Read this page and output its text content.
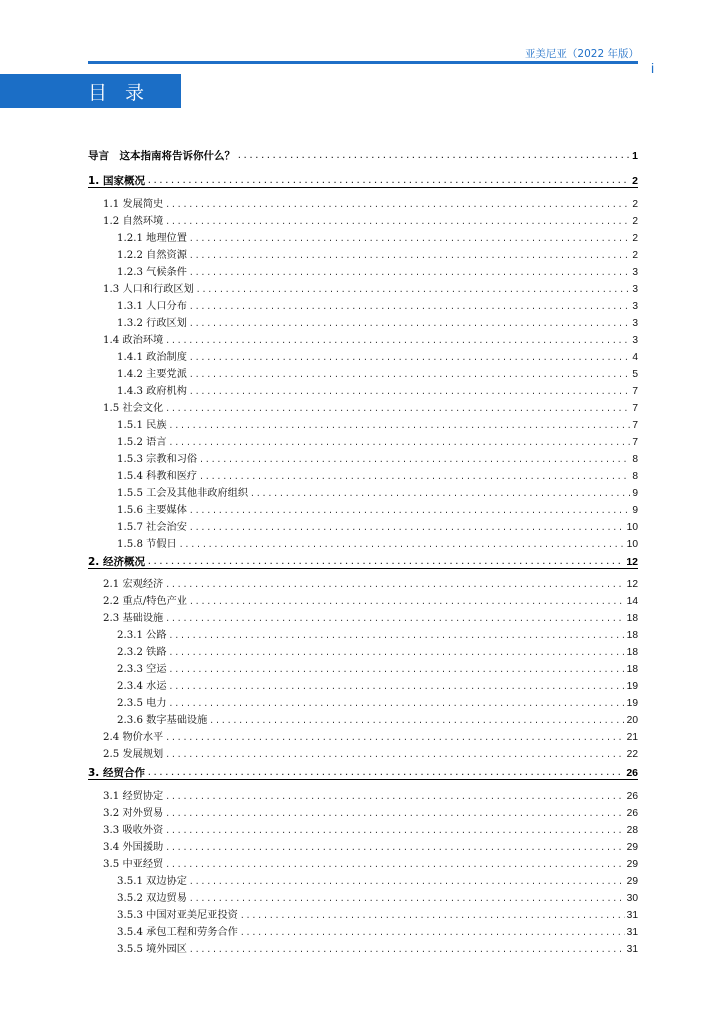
亚美尼亚（2022 年版）
i
目录
导言　这本指南将告诉你什么？ .....	1
1. 国家概况 .....	2
1.1 发展简史 .....	2
1.2 自然环境 .....	2
1.2.1 地理位置 .....	2
1.2.2 自然资源 .....	2
1.2.3 气候条件 .....	3
1.3 人口和行政区划 .....	3
1.3.1 人口分布 .....	3
1.3.2 行政区划 .....	3
1.4 政治环境 .....	3
1.4.1 政治制度 .....	4
1.4.2 主要党派 .....	5
1.4.3 政府机构 .....	7
1.5 社会文化 .....	7
1.5.1 民族 .....	7
1.5.2 语言 .....	7
1.5.3 宗教和习俗 .....	8
1.5.4 科教和医疗 .....	8
1.5.5 工会及其他非政府组织 .....	9
1.5.6 主要媒体 .....	9
1.5.7 社会治安 .....	10
1.5.8 节假日 .....	10
2. 经济概况 .....	12
2.1 宏观经济 .....	12
2.2 重点/特色产业 .....	14
2.3 基础设施 .....	18
2.3.1 公路 .....	18
2.3.2 铁路 .....	18
2.3.3 空运 .....	18
2.3.4 水运 .....	19
2.3.5 电力 .....	19
2.3.6 数字基础设施 .....	20
2.4 物价水平 .....	21
2.5 发展规划 .....	22
3. 经贸合作 .....	26
3.1 经贸协定 .....	26
3.2 对外贸易 .....	26
3.3 吸收外资 .....	28
3.4 外国援助 .....	29
3.5 中亚经贸 .....	29
3.5.1 双边协定 .....	29
3.5.2 双边贸易 .....	30
3.5.3 中国对亚美尼亚投资 .....	31
3.5.4 承包工程和劳务合作 .....	31
3.5.5 境外园区 .....	31
